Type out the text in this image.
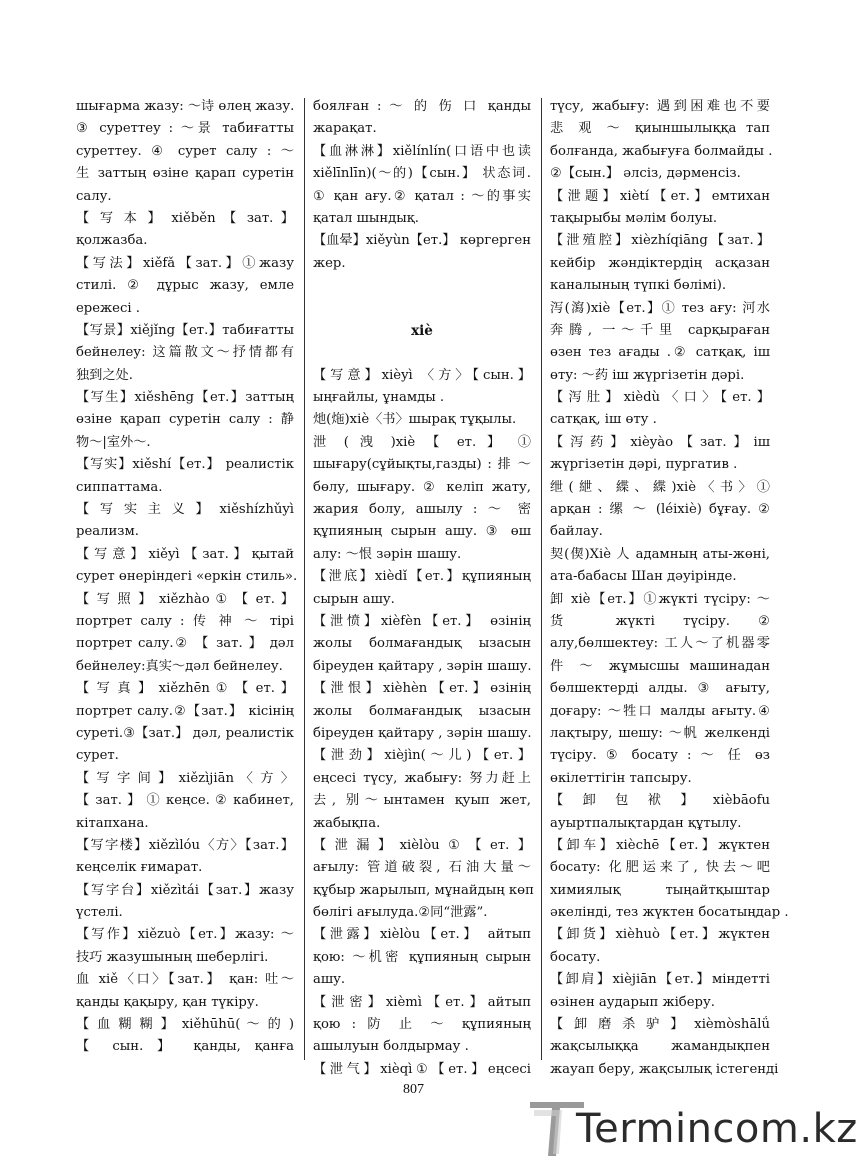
шығарма жазу: ～诗 өлең жазу.
③ суреттеу : ～景 табиғатты
суреттеу. ④ сурет салу : ～
生 заттың өзіне қарап суретін
салу.
【 写 本 】 xiěběn 【 зат. 】
қолжазба.
【写法】xiěfǎ【зат.】①жазу
стилі. ② дұрыс жазу, емле
ережесі .
【写景】xiějǐng【ет.】табиғатты
бейнелеу: 这篇散文～抒情都有
独到之处.
【写生】xiěshēng【ет.】заттың
өзіне қарап суретін салу : 静
物～|室外～.
【写实】xiěshí【ет.】 реалистік
сиппаттама.
【 写 实 主 义 】 xiěshízhǔyì
реализм.
【 写 意 】 xiěyì 【 зат. 】 қытай
сурет өнеріндегі «еркін стиль».
【 写 照 】 xiězhào ① 【 ет. 】
портрет салу : 传 神 ～ тірі
портрет салу.② 【 зат. 】 дәл
бейнелеу:真实～дәл бейнелеу.
【 写 真 】 xiězhēn ① 【 ет. 】
портрет салу.②【зат.】 кісінің
суреті.③【зат.】 дәл, реалистік
сурет.
【 写 字 间 】 xiězìjiān 〈 方 〉
【 зат. 】 ① кеңсе. ② кабинет,
кітапхана.
【写字楼】xiězìlóu〈方〉【зат.】
кеңселік ғимарат.
【写字台】xiězìtái【зат.】жазу
үстелі.
【写作】xiězuò【ет.】жазу: ～
技巧 жазушының шеберлігі.
血 xiě〈口〉【зат.】 қан: 吐～
қанды қақыру, қан түкіру.
【 血 糊 糊 】 xiěhūhū( ～ 的 )
【 сын. 】 қанды, қанға
боялған : ～ 的 伤 口 қанды
жарақат.
【血淋淋】xiělínlín(口语中也读
xiělīnlīn)(～的)【сын.】 状态词.
① қан ағу.② қатал : ～的事实
қатал шындық.
【血晕】xiěyùn【ет.】 көргерген
жер.
xiè
【写意】xièyì 〈方〉【сын.】
ыңғайлы, ұнамды .
灺(炧)xiè〈书〉шырақ тұқылы.
泄 ( 洩 )xiè 【 ет. 】 ①
шығару(сұйықты,газды) : 排 ～
бөлу, шығару. ② келіп жату,
жария болу, ашылу : ～ 密
құпияның сырын ашу. ③ өш
алу: ～恨 зәрін шашу.
【泄底】xièdǐ【ет.】құпияның
сырын ашу.
【泄愤】xièfèn【ет.】 өзінің
жолы болмағандық ызасын
біреуден қайтару , зәрін шашу.
【泄恨】xièhèn【ет.】өзінің
жолы болмағандық ызасын
біреуден қайтару , зәрін шашу.
【泄劲】xièjìn(～儿)【ет.】
еңсесі түсу, жабығу: 努力赶上
去, 别～ынтамен қуып жет,
жабықпа.
【泄漏】xièlòu①【ет.】
ағылу: 管道破裂, 石油大量～
құбыр жарылып, мұнайдың көп
бөлігі ағылуда.②同“泄露”.
【泄露】xièlòu【ет.】 айтып
қою: ～机密 құпияның сырын
ашу.
【泄密】xièmì【ет.】айтып
қою : 防 止 ～ құпияның
ашылуын болдырмау .
【泄气】xièqì①【ет.】еңсесі
түсу, жабығу: 遇到困难也不要
悲 观 ～ қиыншылыққа тап
болғанда, жабығуға болмайды .
②【сын.】 әлсіз, дәрменсіз.
【泄题】xiètí【ет.】емтихан
тақырыбы мәлім болуы.
【泄殖腔】xièzhíqiāng【зат.】
кейбір жәндіктердің асқазан
каналының түпкі бөлімі).
泻(瀉)xiè【ет.】① тез ағу: 河水
奔腾, 一～千里 сарқыраған
өзен тез ағады .② сатқақ, іш
өту: ～药 іш жүргізетін дәрі.
【泻肚】xièdù〈口〉【ет.】
сатқақ, іш өту .
【泻药】xièyào【зат.】іш
жүргізетін дәрі, пургатив .
绁(紲、緤、緤)xiè〈书〉①
арқан : 缧 ～ (léixiè) бұғау. ②
байлау.
契(偰)Xiè 人 адамның аты-жөні,
ата-бабасы Шан дәуірінде.
卸 xiè【ет.】①жүкті түсіру: ～
货 жүкті түсіру. ②
алу,бөлшектеу: 工人～了机器零
件 ～ жұмысшы машинадан
бөлшектерді алды. ③ ағыту,
доғару: ～牲口 малды ағыту.④
лақтыру, шешу: ～帆 желкенді
түсіру. ⑤ босату : ～ 任 өз
өкілеттігін тапсыру.
【 卸 包 袱 】 xièbāofu
ауыртпалықтардан құтылу.
【卸车】xièchē【ет.】жүктен
босату: 化肥运来了, 快去～吧
химиялық тыңайтқыштар
әкелінді, тез жүктен босатыңдар .
【卸货】xièhuò【ет.】жүктен
босату.
【卸肩】xièjiān【ет.】міндетті
өзінен аударып жіберу.
【 卸 磨 杀 驴 】 xièmòshālǘ
жақсылыққа жамандықпен
жауап беру, жақсылық істегенді
807
Termincom.kz
